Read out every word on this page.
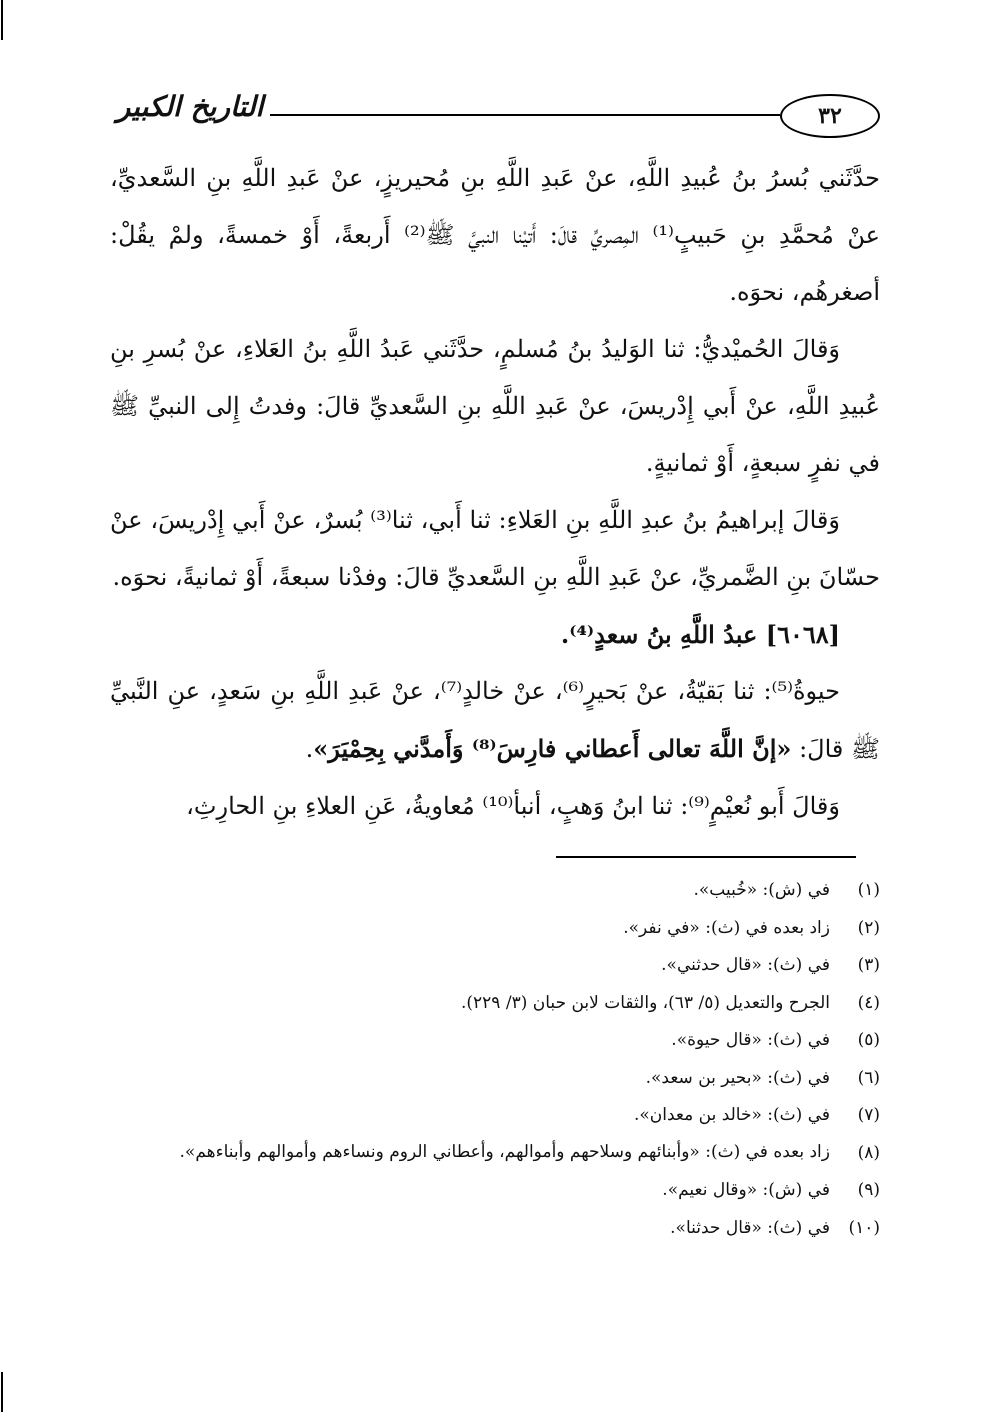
التاريخ الكبير	٣٢

حدَّثَني بُسرُ بنُ عُبيدِ اللَّهِ، عنْ عَبدِ اللَّهِ بنِ مُحيريزٍ، عنْ عَبدِ اللَّهِ بنِ السَّعديِّ، عنْ مُحمَّدِ بنِ حَبيبٍ⁽¹⁾ المِصريِّ قالَ: أَتيْنا النبيَّ ﷺ⁽²⁾ أَربعةً، أَوْ خمسةً، ولمْ يقُلْ: أصغرهُم، نحوَه.

وَقالَ الحُميْديُّ: ثنا الوَليدُ بنُ مُسلمٍ، حدَّثَني عَبدُ اللَّهِ بنُ العَلاءِ، عنْ بُسرِ بنِ عُبيدِ اللَّهِ، عنْ أَبي إِدْريسَ، عنْ عَبدِ اللَّهِ بنِ السَّعديِّ قالَ: وفدتُ إِلى النبيِّ ﷺ في نفرٍ سبعةٍ، أَوْ ثمانيةٍ.

وَقالَ إبراهيمُ بنُ عبدِ اللَّهِ بنِ العَلاءِ: ثنا أَبي، ثنا⁽³⁾ بُسرٌ، عنْ أَبي إِدْريسَ، عنْ حسّانَ بنِ الضَّمريِّ، عنْ عَبدِ اللَّهِ بنِ السَّعديِّ قالَ: وفدْنا سبعةً، أَوْ ثمانيةً، نحوَه.

[٦٠٦٨] عبدُ اللَّهِ بنُ سعدٍ⁽⁴⁾.

حيوةُ⁽⁵⁾: ثنا بَقيّةُ، عنْ بَحيرٍ⁽⁶⁾، عنْ خالدٍ⁽⁷⁾، عنْ عَبدِ اللَّهِ بنِ سَعدٍ، عنِ النَّبيِّ ﷺ قالَ: «إنَّ اللَّهَ تعالى أَعطاني فارِسَ⁽⁸⁾ وَأَمدَّني بِحِمْيَرَ».

وَقالَ أَبو نُعيْمٍ⁽⁹⁾: ثنا ابنُ وَهبٍ، أنبأ⁽¹⁰⁾ مُعاويةُ، عَنِ العلاءِ بنِ الحارِثِ،

(١)
في (ش): «خُبيب».
(٢)
زاد بعده في (ث): «في نفر».
(٣)
في (ث): «قال حدثني».
(٤)
الجرح والتعديل (٥/ ٦٣)، والثقات لابن حبان (٣/ ٢٢٩).
(٥)
في (ث): «قال حيوة».
(٦)
في (ث): «بحير بن سعد».
(٧)
في (ث): «خالد بن معدان».
(٨)
زاد بعده في (ث): «وأبنائهم وسلاحهم وأموالهم، وأعطاني الروم ونساءهم وأموالهم وأبناءهم».
(٩)
في (ش): «وقال نعيم».
(١٠)
في (ث): «قال حدثنا».
